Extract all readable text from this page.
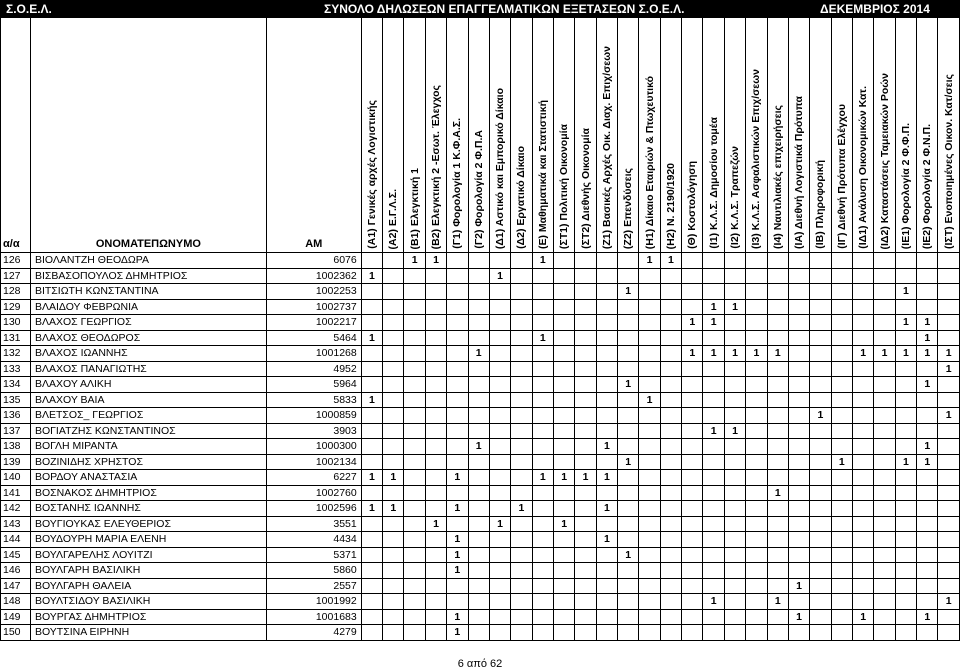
Σ.Ο.Ε.Λ.	ΣΥΝΟΛΟ ΔΗΛΩΣΕΩΝ ΕΠΑΓΓΕΛΜΑΤΙΚΩΝ ΕΞΕΤΑΣΕΩΝ Σ.Ο.Ε.Λ.	ΔΕΚΕΜΒΡΙΟΣ 2014
α/α	ΟΝΟΜΑΤΕΠΩΝΥΜΟ	ΑΜ	(Α1) Γενικές αρχές Λογιστικής	(Α2) Ε.Γ.Λ.Σ.	(Β1) Ελεγκτική 1	(Β2) Ελεγκτική 2 -Εσωτ. Έλεγχος	(Γ1) Φορολογία 1 Κ.Φ.Α.Σ.	(Γ2) Φορολογία 2 Φ.Π.Α	(Δ1) Αστικό και Εμπορικό Δίκαιο	(Δ2) Εργατικό Δίκαιο	(Ε) Μαθηματικά και Στατιστική	(ΣΤ1) Πολιτική Οικονομία	(ΣΤ2) Διεθνής Οικονομία	(Ζ1) Βασικές Αρχές Οικ. Διαχ. Επιχ/σεων	(Ζ2) Επενδύσεις	(Η1) Δίκαιο Εταιριών & Πτωχευτικό	(Η2) Ν. 2190/1920	(Θ) Κοστολόγηση	(Ι1) Κ.Λ.Σ. Δημοσίου τομέα	(Ι2) Κ.Λ.Σ. Τραπεζών	(Ι3) Κ.Λ.Σ. Ασφαλιστικών Επιχ/σεων	(Ι4) Ναυτιλιακές επιχειρήσεις	(ΙΑ) Διεθνή Λογιστικά Πρότυπα	(ΙΒ) Πληροφορική	(ΙΓ) Διεθνή Πρότυπα Ελέγχου	(ΙΔ1) Ανάλυση Οικονομικών Κατ.	(ΙΔ2) Καταστάσεις Ταμειακών Ροών	(ΙΕ1) Φορολογία 2 Φ.Φ.Π.	(ΙΕ2) Φορολογία 2 Φ.Ν.Π.	(ΙΣΤ) Ενοποιημένες Οικον. Κατ/σεις

126	ΒΙΟΛΑΝΤΖΗ ΘΕΟΔΩΡΑ	6076			1	1					1					1	1													
127	ΒΙΣΒΑΣΟΠΟΥΛΟΣ ΔΗΜΗΤΡΙΟΣ	1002362	1						1																					
128	ΒΙΤΣΙΩΤΗ ΚΩΝΣΤΑΝΤΙΝΑ	1002253													1													1		
129	ΒΛΑΙΔΟΥ ΦΕΒΡΩΝΙΑ	1002737																	1	1										
130	ΒΛΑΧΟΣ ΓΕΩΡΓΙΟΣ	1002217																1	1									1	1	
131	ΒΛΑΧΟΣ ΘΕΟΔΩΡΟΣ	5464	1								1																		1	
132	ΒΛΑΧΟΣ ΙΩΑΝΝΗΣ	1001268						1										1	1	1	1	1				1	1	1	1	1
133	ΒΛΑΧΟΣ ΠΑΝΑΓΙΩΤΗΣ	4952																												1
134	ΒΛΑΧΟΥ ΑΛΙΚΗ	5964													1														1	
135	ΒΛΑΧΟΥ ΒΑΙΑ	5833	1													1														
136	ΒΛΕΤΣΟΣ_ ΓΕΩΡΓΙΟΣ	1000859																						1						1
137	ΒΟΓΙΑΤΖΗΣ ΚΩΝΣΤΑΝΤΙΝΟΣ	3903																	1	1										
138	ΒΟΓΛΗ ΜΙΡΑΝΤΑ	1000300						1						1															1	
139	ΒΟΖΙΝΙΔΗΣ ΧΡΗΣΤΟΣ	1002134													1										1			1	1	
140	ΒΟΡΔΟΥ ΑΝΑΣΤΑΣΙΑ	6227	1	1			1				1	1	1	1																
141	ΒΟΣΝΑΚΟΣ ΔΗΜΗΤΡΙΟΣ	1002760																				1								
142	ΒΟΣΤΑΝΗΣ ΙΩΑΝΝΗΣ	1002596	1	1			1			1				1																
143	ΒΟΥΓΙΟΥΚΑΣ ΕΛΕΥΘΕΡΙΟΣ	3551				1			1			1																		
144	ΒΟΥΔΟΥΡΗ ΜΑΡΙΑ ΕΛΕΝΗ	4434					1							1																
145	ΒΟΥΛΓΑΡΕΛΗΣ ΛΟΥΙΤΖΙ	5371					1								1															
146	ΒΟΥΛΓΑΡΗ ΒΑΣΙΛΙΚΗ	5860					1																							
147	ΒΟΥΛΓΑΡΗ ΘΑΛΕΙΑ	2557																					1							
148	ΒΟΥΛΤΣΙΔΟΥ ΒΑΣΙΛΙΚΗ	1001992																	1			1								1
149	ΒΟΥΡΓΑΣ ΔΗΜΗΤΡΙΟΣ	1001683					1																1			1			1	
150	ΒΟΥΤΣΙΝΑ ΕΙΡΗΝΗ	4279					1																							
6 από 62
